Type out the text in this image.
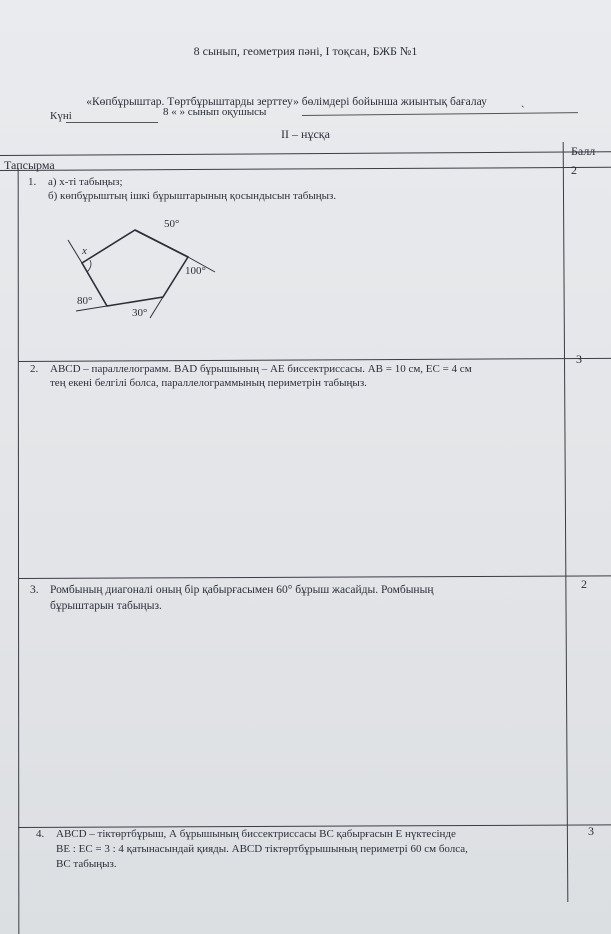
8 сынып, геометрия пәні, I тоқсан, БЖБ №1
«Көпбұрыштар. Төртбұрыштарды зерттеу» бөлімдері бойынша жиынтық бағалау	ˎ
Күні	8 « » сынып оқушысы
II – нұсқа
Тапсырма
Балл
1. а) х-ті табыңыз;
б) көпбұрыштың ішкі бұрыштарының қосындысын табыңыз.
2
50°
100°
30°
80°
x
2. ABCD – параллелограмм. BAD бұрышының – AE биссектриссасы. AB = 10 см, EC = 4 см
тең екені белгілі болса, параллелограммының периметрін табыңыз.
3
3. Ромбының диагоналі оның бір қабырғасымен 60° бұрыш жасайды. Ромбының
бұрыштарын табыңыз.
2
4. ABCD – тіктөртбұрыш, А бұрышының биссектриссасы BC қабырғасын E нүктесінде
BE : EC = 3 : 4 қатынасындай қияды. ABCD тіктөртбұрышының периметрі 60 см болса,
BC табыңыз.
3
